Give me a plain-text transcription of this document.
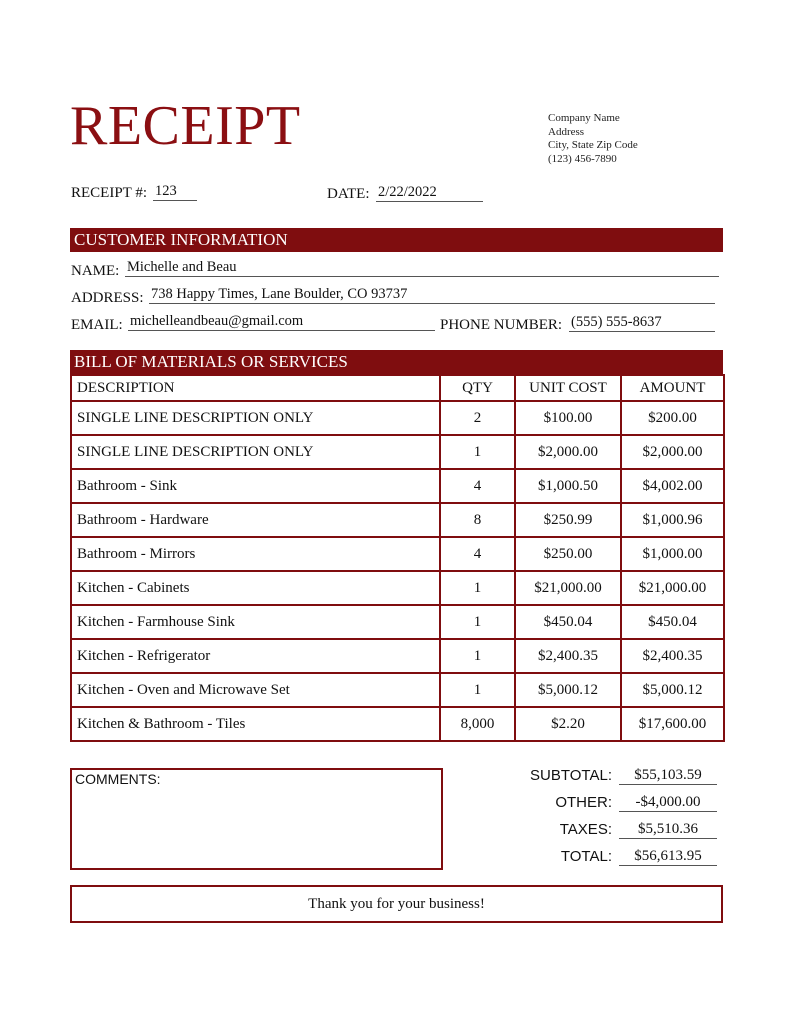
RECEIPT	Company Name
Address
City, State Zip Code
(123) 456-7890
RECEIPT #: 123	DATE: 2/22/2022
CUSTOMER INFORMATION
NAME: Michelle and Beau
ADDRESS: 738 Happy Times, Lane Boulder, CO 93737
EMAIL: michelleandbeau@gmail.com	PHONE NUMBER: (555) 555-8637
BILL OF MATERIALS OR SERVICES
DESCRIPTION	QTY	UNIT COST	AMOUNT
SINGLE LINE DESCRIPTION ONLY	2	$100.00	$200.00
SINGLE LINE DESCRIPTION ONLY	1	$2,000.00	$2,000.00
Bathroom - Sink	4	$1,000.50	$4,002.00
Bathroom - Hardware	8	$250.99	$1,000.96
Bathroom - Mirrors	4	$250.00	$1,000.00
Kitchen - Cabinets	1	$21,000.00	$21,000.00
Kitchen - Farmhouse Sink	1	$450.04	$450.04
Kitchen - Refrigerator	1	$2,400.35	$2,400.35
Kitchen - Oven and Microwave Set	1	$5,000.12	$5,000.12
Kitchen & Bathroom - Tiles	8,000	$2.20	$17,600.00
COMMENTS:	SUBTOTAL:	$55,103.59
OTHER:	-$4,000.00
TAXES:	$5,510.36
TOTAL:	$56,613.95
Thank you for your business!
